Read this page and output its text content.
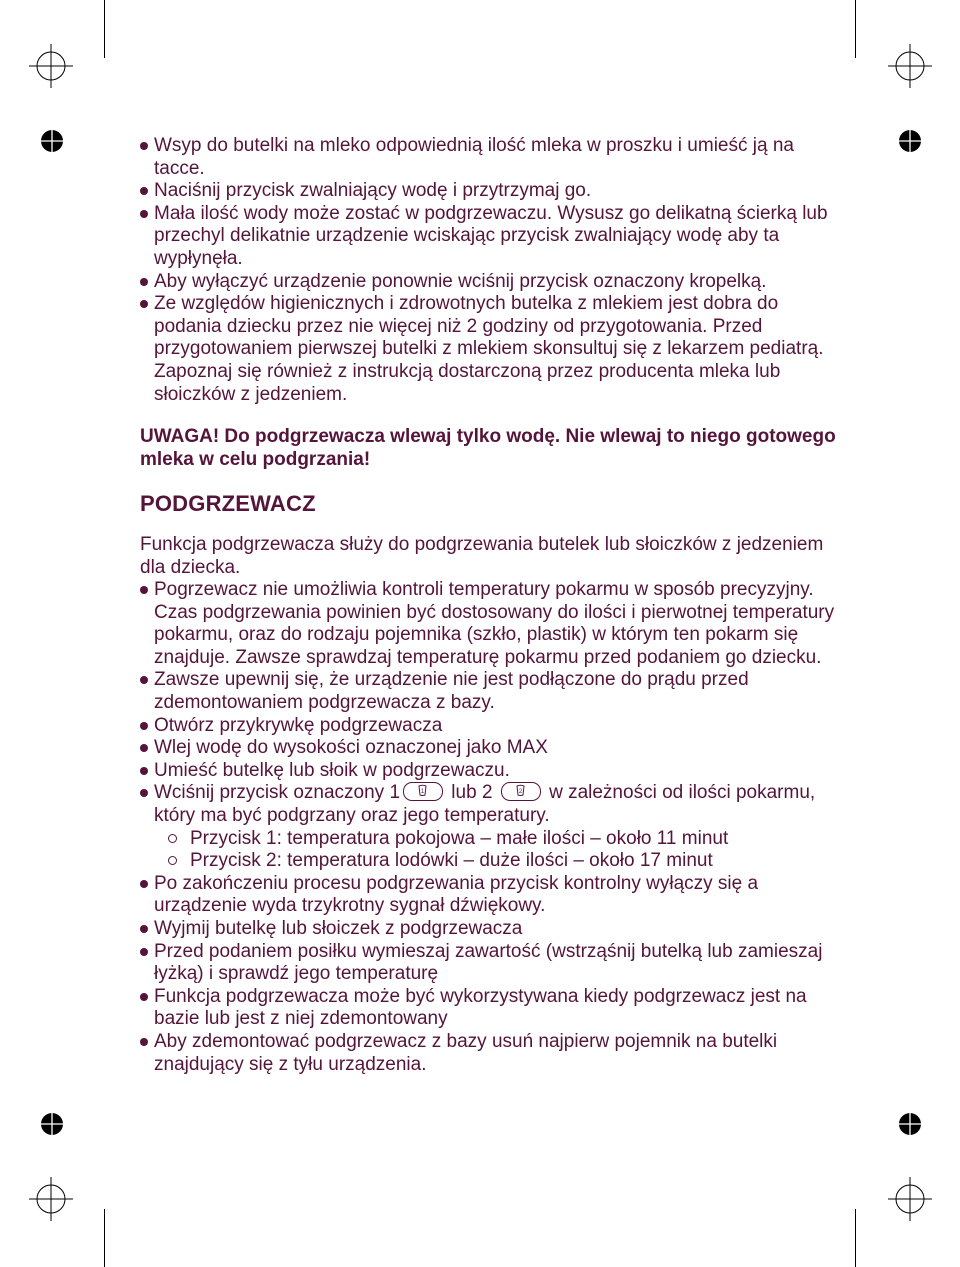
Wsyp do butelki na mleko odpowiednią ilość mleka w proszku i umieść ją na tacce.
Naciśnij przycisk zwalniający wodę i przytrzymaj go.
Mała ilość wody może zostać w podgrzewaczu. Wysusz go delikatną ścierką lub przechyl delikatnie urządzenie wciskając przycisk zwalniający wodę aby ta wypłynęła.
Aby wyłączyć urządzenie ponownie wciśnij przycisk oznaczony kropelką.
Ze względów higienicznych i zdrowotnych butelka z mlekiem jest dobra do podania dziecku przez nie więcej niż 2 godziny od przygotowania. Przed przygotowaniem pierwszej butelki z mlekiem skonsultuj się z lekarzem pediatrą. Zapoznaj się również z instrukcją dostarczoną przez producenta mleka lub słoiczków z jedzeniem.
UWAGA! Do podgrzewacza wlewaj tylko wodę. Nie wlewaj to niego gotowego mleka w celu podgrzania!
PODGRZEWACZ
Funkcja podgrzewacza służy do podgrzewania butelek lub słoiczków z jedzeniem dla dziecka.
Pogrzewacz nie umożliwia kontroli temperatury pokarmu w sposób precyzyjny. Czas podgrzewania powinien być dostosowany do ilości i pierwotnej temperatury pokarmu, oraz do rodzaju pojemnika (szkło, plastik) w którym ten pokarm się znajduje. Zawsze sprawdzaj temperaturę pokarmu przed podaniem go dziecku.
Zawsze upewnij się, że urządzenie nie jest podłączone do prądu przed zdemontowaniem podgrzewacza z bazy.
Otwórz przykrywkę podgrzewacza
Wlej wodę do wysokości oznaczonej jako MAX
Umieść butelkę lub słoik w podgrzewaczu.
Wciśnij przycisk oznaczony 1	1 lub 2	2 w zależności od ilości pokarmu, który ma być podgrzany oraz jego temperatury.
Przycisk 1: temperatura pokojowa – małe ilości – około 11 minut
Przycisk 2: temperatura lodówki – duże ilości – około 17 minut
Po zakończeniu procesu podgrzewania przycisk kontrolny wyłączy się a urządzenie wyda trzykrotny sygnał dźwiękowy.
Wyjmij butelkę lub słoiczek z podgrzewacza
Przed podaniem posiłku wymieszaj zawartość (wstrząśnij butelką lub zamieszaj łyżką) i sprawdź jego temperaturę
Funkcja podgrzewacza może być wykorzystywana kiedy podgrzewacz jest na bazie lub jest z niej zdemontowany
Aby zdemontować podgrzewacz z bazy usuń najpierw pojemnik na butelki znajdujący się z tyłu urządzenia.
